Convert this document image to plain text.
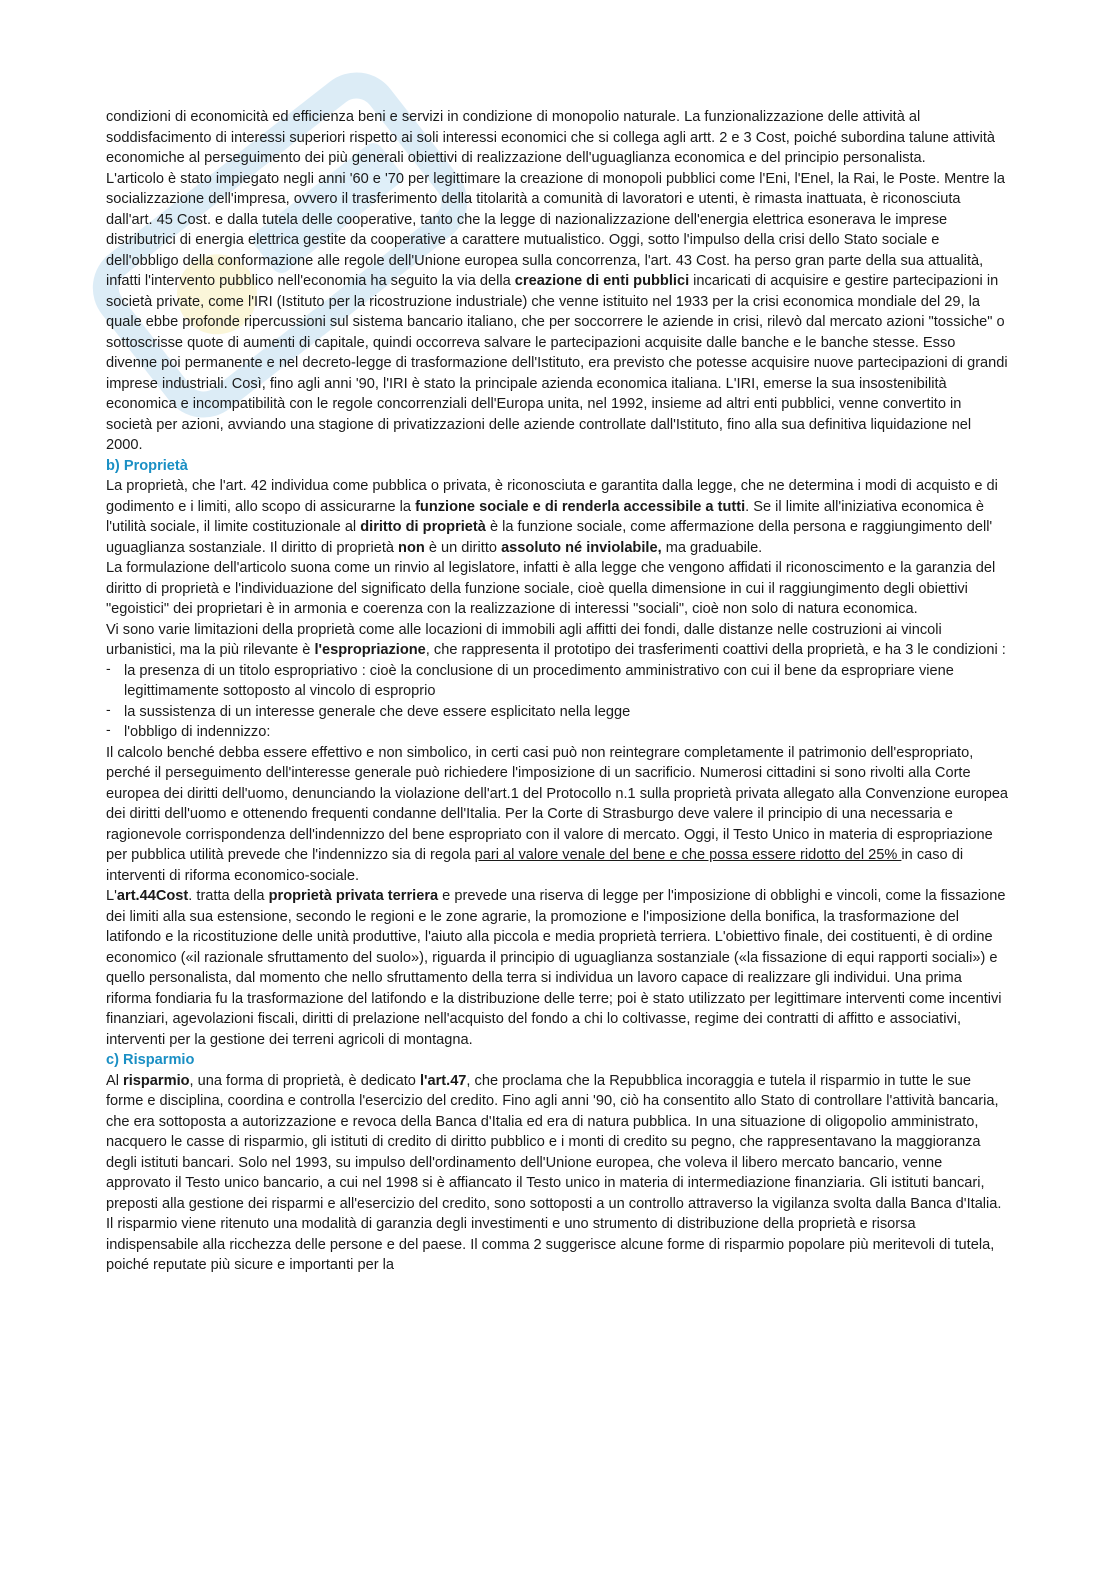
condizioni di economicità ed efficienza beni e servizi in condizione di monopolio naturale. La funzionalizzazione delle attività al soddisfacimento di interessi superiori rispetto ai soli interessi economici che si collega agli artt. 2 e 3 Cost, poiché subordina talune attività economiche al perseguimento dei più generali obiettivi di realizzazione dell'uguaglianza economica e del principio personalista.

L'articolo è stato impiegato negli anni '60 e '70 per legittimare la creazione di monopoli pubblici come l'Eni, l'Enel, la Rai, le Poste. Mentre la socializzazione dell'impresa, ovvero il trasferimento della titolarità a comunità di lavoratori e utenti, è rimasta inattuata, è riconosciuta dall'art. 45 Cost. e dalla tutela delle cooperative, tanto che la legge di nazionalizzazione dell'energia elettrica esonerava le imprese distributrici di energia elettrica gestite da cooperative a carattere mutualistico. Oggi, sotto l'impulso della crisi dello Stato sociale e dell'obbligo della conformazione alle regole dell'Unione europea sulla concorrenza, l'art. 43 Cost. ha perso gran parte della sua attualità, infatti l'intervento pubblico nell'economia ha seguito la via della creazione di enti pubblici incaricati di acquisire e gestire partecipazioni in società private, come l'IRI (Istituto per la ricostruzione industriale) che venne istituito nel 1933 per la crisi economica mondiale del 29, la quale ebbe profonde ripercussioni sul sistema bancario italiano, che per soccorrere le aziende in crisi, rilevò dal mercato azioni "tossiche" o sottoscrisse quote di aumenti di capitale, quindi occorreva salvare le partecipazioni acquisite dalle banche e le banche stesse. Esso divenne poi permanente e nel decreto-legge di trasformazione dell'Istituto, era previsto che potesse acquisire nuove partecipazioni di grandi imprese industriali. Così, fino agli anni '90, l'IRI è stato la principale azienda economica italiana. L'IRI, emerse la sua insostenibilità economica e incompatibilità con le regole concorrenziali dell'Europa unita, nel 1992, insieme ad altri enti pubblici, venne convertito in società per azioni, avviando una stagione di privatizzazioni delle aziende controllate dall'Istituto, fino alla sua definitiva liquidazione nel 2000.

b) Proprietà

La proprietà, che l'art. 42 individua come pubblica o privata, è riconosciuta e garantita dalla legge, che ne determina i modi di acquisto e di godimento e i limiti, allo scopo di assicurarne la funzione sociale e di renderla accessibile a tutti. Se il limite all'iniziativa economica è l'utilità sociale, il limite costituzionale al diritto di proprietà è la funzione sociale, come affermazione della persona e raggiungimento dell' uguaglianza sostanziale. Il diritto di proprietà non è un diritto assoluto né inviolabile, ma graduabile.

La formulazione dell'articolo suona come un rinvio al legislatore, infatti è alla legge che vengono affidati il riconoscimento e la garanzia del diritto di proprietà e l'individuazione del significato della funzione sociale, cioè quella dimensione in cui il raggiungimento degli obiettivi "egoistici" dei proprietari è in armonia e coerenza con la realizzazione di interessi "sociali", cioè non solo di natura economica.

Vi sono varie limitazioni della proprietà come alle locazioni di immobili agli affitti dei fondi, dalle distanze nelle costruzioni ai vincoli urbanistici, ma la più rilevante è l'espropriazione, che rappresenta il prototipo dei trasferimenti coattivi della proprietà, e ha 3 le condizioni :

- la presenza di un titolo espropriativo : cioè la conclusione di un procedimento amministrativo con cui il bene da espropriare viene legittimamente sottoposto al vincolo di esproprio
- la sussistenza di un interesse generale che deve essere esplicitato nella legge
- l'obbligo di indennizzo:

Il calcolo benché debba essere effettivo e non simbolico, in certi casi può non reintegrare completamente il patrimonio dell'espropriato, perché il perseguimento dell'interesse generale può richiedere l'imposizione di un sacrificio. Numerosi cittadini si sono rivolti alla Corte europea dei diritti dell'uomo, denunciando la violazione dell'art.1 del Protocollo n.1 sulla proprietà privata allegato alla Convenzione europea dei diritti dell'uomo e ottenendo frequenti condanne dell'Italia. Per la Corte di Strasburgo deve valere il principio di una necessaria e ragionevole corrispondenza dell'indennizzo del bene espropriato con il valore di mercato. Oggi, il Testo Unico in materia di espropriazione per pubblica utilità prevede che l'indennizzo sia di regola pari al valore venale del bene e che possa essere ridotto del 25% in caso di interventi di riforma economico-sociale.

L'art.44Cost. tratta della proprietà privata terriera e prevede una riserva di legge per l'imposizione di obblighi e vincoli, come la fissazione dei limiti alla sua estensione, secondo le regioni e le zone agrarie, la promozione e l'imposizione della bonifica, la trasformazione del latifondo e la ricostituzione delle unità produttive, l'aiuto alla piccola e media proprietà terriera. L'obiettivo finale, dei costituenti, è di ordine economico («il razionale sfruttamento del suolo»), riguarda il principio di uguaglianza sostanziale («la fissazione di equi rapporti sociali») e quello personalista, dal momento che nello sfruttamento della terra si individua un lavoro capace di realizzare gli individui. Una prima riforma fondiaria fu la trasformazione del latifondo e la distribuzione delle terre; poi è stato utilizzato per legittimare interventi come incentivi finanziari, agevolazioni fiscali, diritti di prelazione nell'acquisto del fondo a chi lo coltivasse, regime dei contratti di affitto e associativi, interventi per la gestione dei terreni agricoli di montagna.

c) Risparmio

Al risparmio, una forma di proprietà, è dedicato l'art.47, che proclama che la Repubblica incoraggia e tutela il risparmio in tutte le sue forme e disciplina, coordina e controlla l'esercizio del credito. Fino agli anni '90, ciò ha consentito allo Stato di controllare l'attività bancaria, che era sottoposta a autorizzazione e revoca della Banca d'Italia ed era di natura pubblica. In una situazione di oligopolio amministrato, nacquero le casse di risparmio, gli istituti di credito di diritto pubblico e i monti di credito su pegno, che rappresentavano la maggioranza degli istituti bancari. Solo nel 1993, su impulso dell'ordinamento dell'Unione europea, che voleva il libero mercato bancario, venne approvato il Testo unico bancario, a cui nel 1998 si è affiancato il Testo unico in materia di intermediazione finanziaria. Gli istituti bancari, preposti alla gestione dei risparmi e all'esercizio del credito, sono sottoposti a un controllo attraverso la vigilanza svolta dalla Banca d'Italia. Il risparmio viene ritenuto una modalità di garanzia degli investimenti e uno strumento di distribuzione della proprietà e risorsa indispensabile alla ricchezza delle persone e del paese. Il comma 2 suggerisce alcune forme di risparmio popolare più meritevoli di tutela, poiché reputate più sicure e importanti per la
